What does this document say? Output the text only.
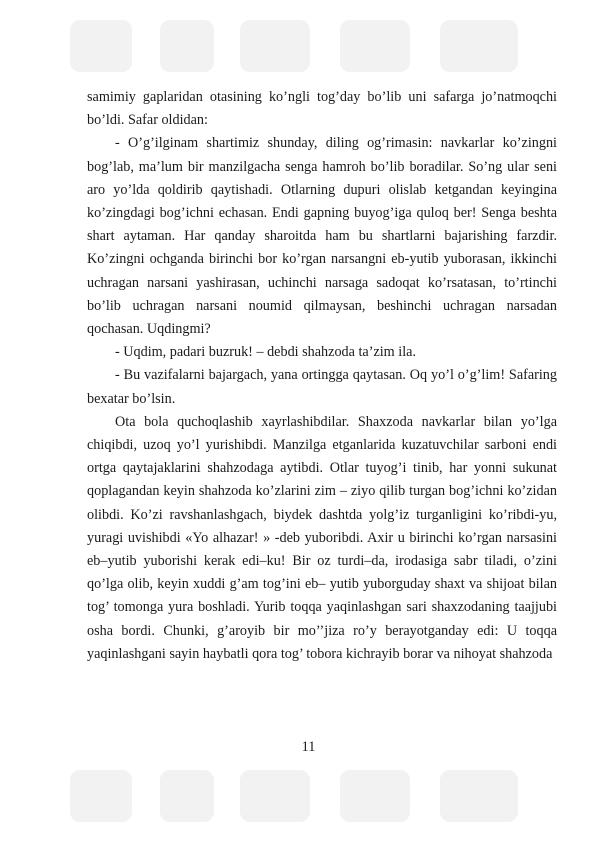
samimiy gaplaridan otasining ko’ngli tog’day bo’lib uni safarga jo’natmoqchi bo’ldi. Safar oldidan:

- O’g’ilginam shartimiz shunday, diling og’rimasin: navkarlar ko’zingni bog’lab, ma’lum bir manzilgacha senga hamroh bo’lib boradilar. So’ng ular seni aro yo’lda qoldirib qaytishadi. Otlarning dupuri olislab ketgandan keyingina ko’zingdagi bog’ichni echasan. Endi gapning buyog’iga quloq ber! Senga beshta shart aytaman. Har qanday sharoitda ham bu shartlarni bajarishing farzdir. Ko’zingni ochganda birinchi bor ko’rgan narsangni eb-yutib yuborasan, ikkinchi uchragan narsani yashirasan, uchinchi narsaga sadoqat ko’rsatasan, to’rtinchi bo’lib uchragan narsani noumid qilmaysan, beshinchi uchragan narsadan qochasan. Uqdingmi?

- Uqdim, padari buzruk! – debdi shahzoda ta’zim ila.

- Bu vazifalarni bajargach, yana ortingga qaytasan. Oq yo’l o’g’lim! Safaring bexatar bo’lsin.

Ota bola quchoqlashib xayrlashibdilar. Shaxzoda navkarlar bilan yo’lga chiqibdi, uzoq yo’l yurishibdi. Manzilga etganlarida kuzatuvchilar sarboni endi ortga qaytajaklarini shahzodaga aytibdi. Otlar tuyog’i tinib, har yonni sukunat qoplagandan keyin shahzoda ko’zlarini zim – ziyo qilib turgan bog’ichni ko’zidan olibdi. Ko’zi ravshanlashgach, biydek dashtda yolg’iz turganligini ko’ribdi-yu, yuragi uvishibdi «Yo alhazar! » -deb yuboribdi. Axir u birinchi ko’rgan narsasini eb–yutib yuborishi kerak edi–ku! Bir oz turdi–da, irodasiga sabr tiladi, o’zini qo’lga olib, keyin xuddi g’am tog’ini eb– yutib yuborguday shaxt va shijoat bilan tog’ tomonga yura boshladi. Yurib toqqa yaqinlashgan sari shaxzodaning taajjubi osha bordi. Chunki, g’aroyib bir mo’’jiza ro’y berayotganday edi: U toqqa yaqinlashgani sayin haybatli qora tog’ tobora kichrayib borar va nihoyat shahzoda

11
